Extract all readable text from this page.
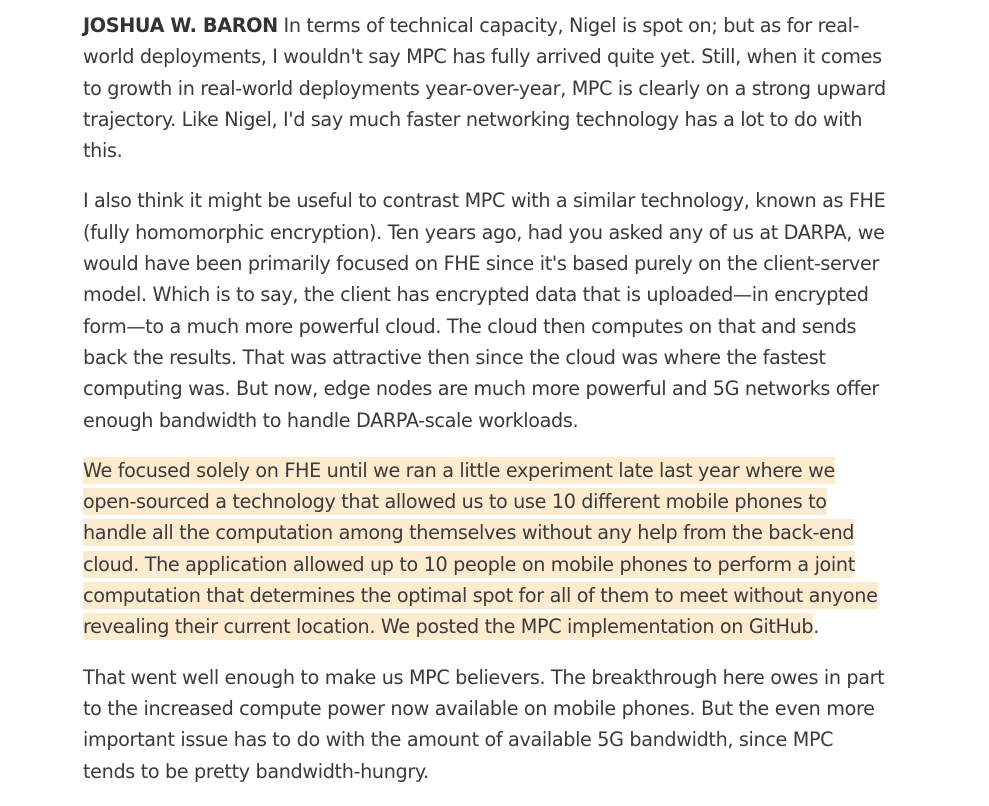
JOSHUA W. BARON In terms of technical capacity, Nigel is spot on; but as for real-world deployments, I wouldn't say MPC has fully arrived quite yet. Still, when it comes to growth in real-world deployments year-over-year, MPC is clearly on a strong upward trajectory. Like Nigel, I'd say much faster networking technology has a lot to do with this.

I also think it might be useful to contrast MPC with a similar technology, known as FHE (fully homomorphic encryption). Ten years ago, had you asked any of us at DARPA, we would have been primarily focused on FHE since it's based purely on the client-server model. Which is to say, the client has encrypted data that is uploaded—in encrypted form—to a much more powerful cloud. The cloud then computes on that and sends back the results. That was attractive then since the cloud was where the fastest computing was. But now, edge nodes are much more powerful and 5G networks offer enough bandwidth to handle DARPA-scale workloads.

We focused solely on FHE until we ran a little experiment late last year where we open-sourced a technology that allowed us to use 10 different mobile phones to handle all the computation among themselves without any help from the back-end cloud. The application allowed up to 10 people on mobile phones to perform a joint computation that determines the optimal spot for all of them to meet without anyone revealing their current location. We posted the MPC implementation on GitHub.

That went well enough to make us MPC believers. The breakthrough here owes in part to the increased compute power now available on mobile phones. But the even more important issue has to do with the amount of available 5G bandwidth, since MPC tends to be pretty bandwidth-hungry.
